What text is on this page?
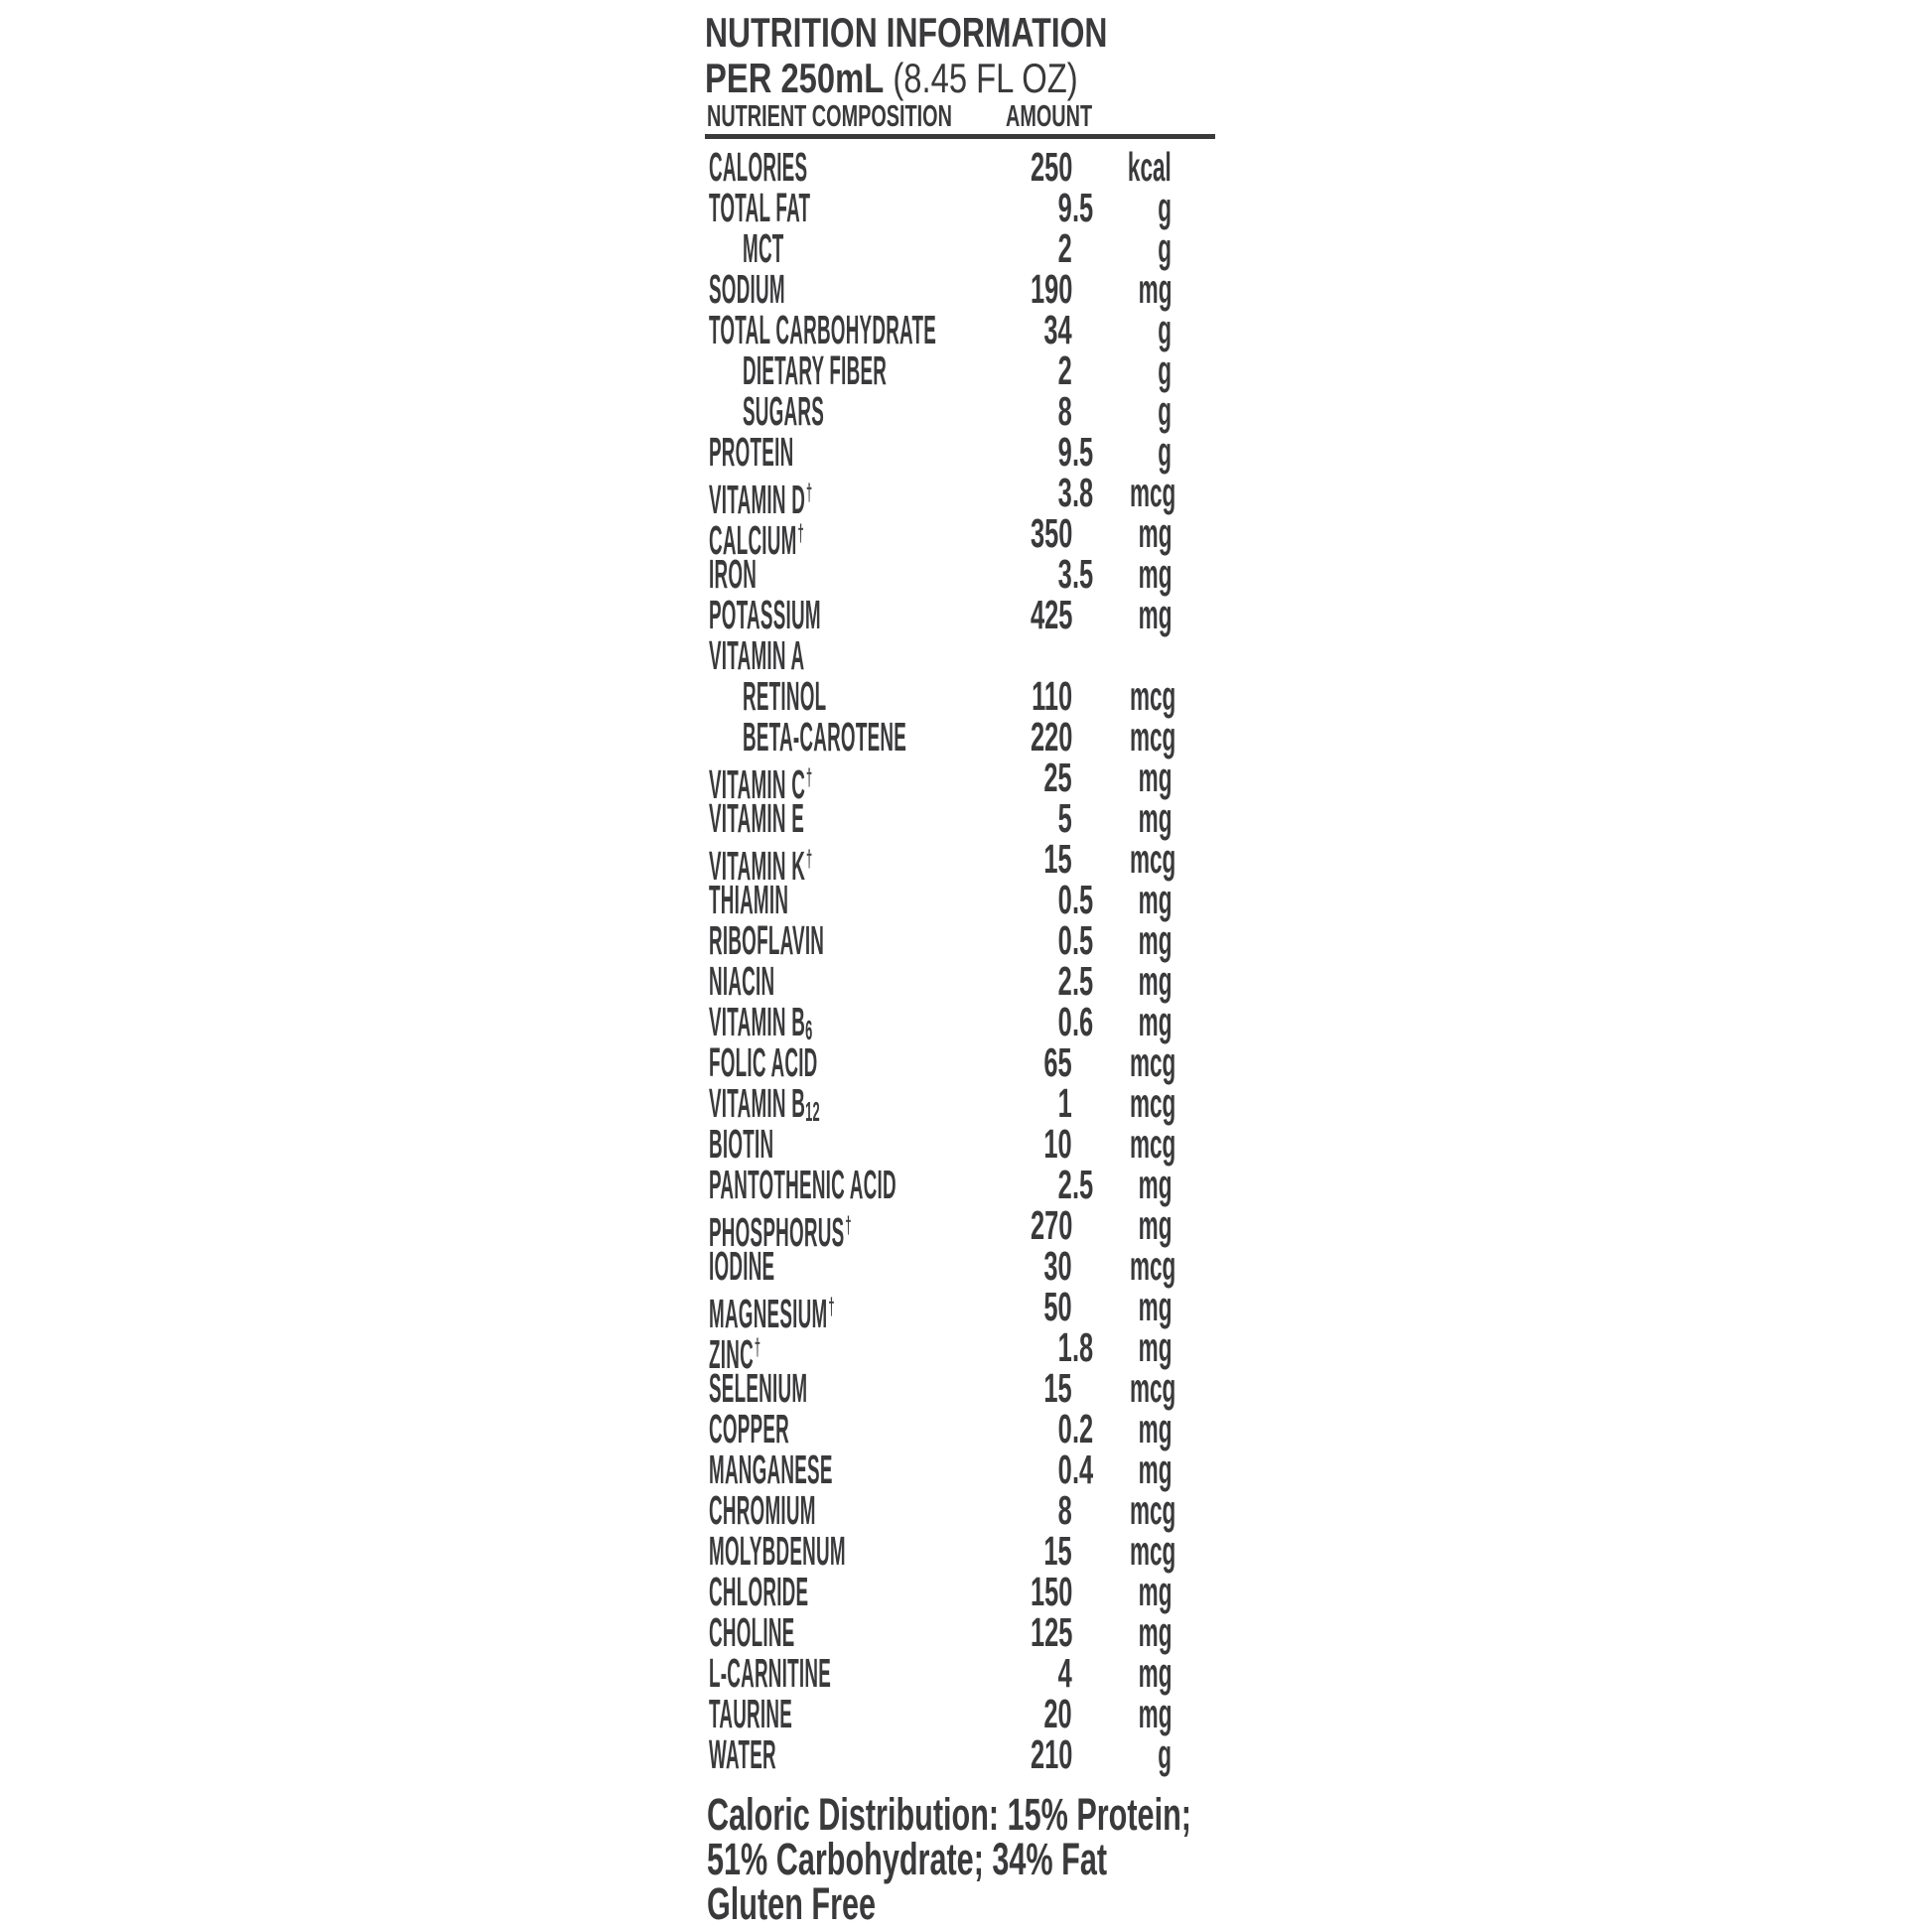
NUTRITION INFORMATION
PER 250mL (8.45 FL OZ)
NUTRIENT COMPOSITION	AMOUNT
CALORIES	250	kcal
TOTAL FAT	9 .5	g
MCT	2	g
SODIUM	190	mg
TOTAL CARBOHYDRATE	34	g
DIETARY FIBER	2	g
SUGARS	8	g
PROTEIN	9 .5	g
VITAMIN D†	3 .8 mcg
CALCIUM†	350	mg
IRON	3 .5	mg
POTASSIUM	425	mg
VITAMIN A
RETINOL	110	mcg
BETA-CAROTENE	220	mcg
VITAMIN C†	25	mg
VITAMIN E	5	mg
VITAMIN K†	15	mcg
THIAMIN	0 .5	mg
RIBOFLAVIN	0 .5	mg
NIACIN	2 .5	mg
VITAMIN B6	0 .6	mg
FOLIC ACID	65	mcg
VITAMIN B12	1	mcg
BIOTIN	10	mcg
PANTOTHENIC ACID	2 .5	mg
PHOSPHORUS†	270	mg
IODINE	30	mcg
MAGNESIUM†	50	mg
ZINC†	1 .8	mg
SELENIUM	15	mcg
COPPER	0 .2	mg
MANGANESE	0 .4	mg
CHROMIUM	8	mcg
MOLYBDENUM	15	mcg
CHLORIDE	150	mg
CHOLINE	125	mg
L-CARNITINE	4	mg
TAURINE	20	mg
WATER	210	g
Caloric Distribution: 15% Protein;
51% Carbohydrate; 34% Fat
Gluten Free
